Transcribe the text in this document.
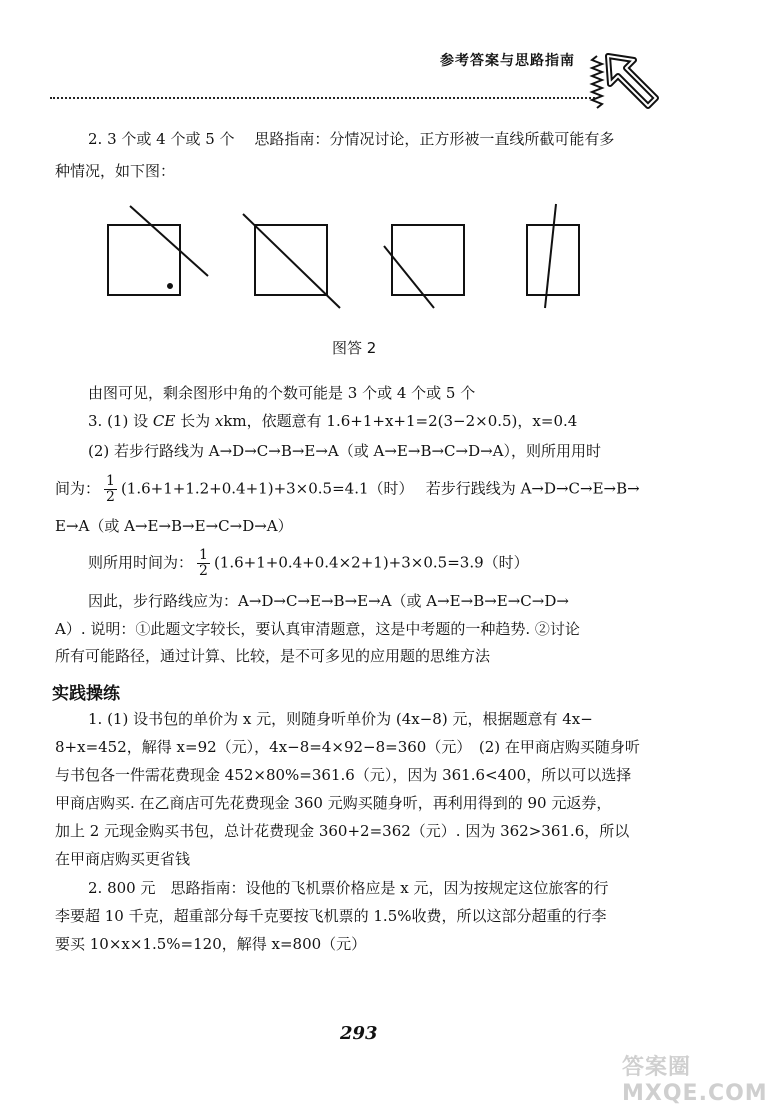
参考答案与思路指南
2. 3 个或 4 个或 5 个　 思路指南：分情况讨论，正方形被一直线所截可能有多
种情况，如下图：
图答 2
由图可见，剩余图形中角的个数可能是 3 个或 4 个或 5 个
3. (1) 设 CE 长为 xkm，依题意有 1.6+1+x+1=2(3−2×0.5)，x=0.4
(2) 若步行路线为 A→D→C→B→E→A（或 A→E→B→C→D→A），则所用用时
间为： $\frac{1}{2} (1.6+1+1.2+0.4+1)+3\times 0.5=4.1$（时）　 若步行践线为 A→D→C→E→B→
E→A（或 A→E→B→E→C→D→A）
则所用时间为： $\frac{1}{2} (1.6+1+0.4+0.4\times 2+1)+3\times 0.5=3.9$（时）
因此，步行路线应为：A→D→C→E→B→E→A（或 A→E→B→E→C→D→
A）. 说明：①此题文字较长，要认真审清题意，这是中考题的一种趋势. ②讨论
所有可能路径，通过计算、比较，是不可多见的应用题的思维方法
实践操练
1. (1) 设书包的单价为 x 元，则随身听单价为 (4x−8) 元，根据题意有 4x−
8+x=452，解得 x=92（元），4x−8=4×92−8=360（元）　(2) 在甲商店购买随身听
与书包各一件需花费现金 452×80%=361.6（元），因为 361.6<400，所以可以选择
甲商店购买. 在乙商店可先花费现金 360 元购买随身听，再利用得到的 90 元返券，
加上 2 元现金购买书包，总计花费现金 360+2=362（元）. 因为 362>361.6，所以
在甲商店购买更省钱
2. 800 元　思路指南：设他的飞机票价格应是 x 元，因为按规定这位旅客的行
李要超 10 千克，超重部分每千克要按飞机票的 1.5%收费，所以这部分超重的行李
要买 10×x×1.5%=120，解得 x=800（元）
293
答案圈 MXQE.COM
